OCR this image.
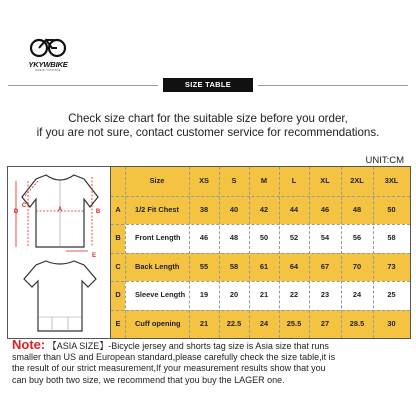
YKYWBIKE
RIDE BY YOUR BIKE
SIZE TABLE
Check size chart for the suitable size before you order,
if you are not sure, contact customer service for recommendations.
UNIT:CM
C
D	A	B
E
Size	XS	S	M	L	XL	2XL	3XL
A	1/2 Fit Chest	38	40	42	44	46	48	50
B	Front Length	46	48	50	52	54	56	58
C	Back Length	55	58	61	64	67	70	73
D	Sleeve Length	19	20	21	22	23	24	25
E	Cuff opening	21	22.5	24	25.5	27	28.5	30
Note: 【ASIA SIZE】-Bicycle jersey and shorts tag size is Asia size that runs
smaller than US and European standard,please carefully check the size table,it is
the result of our strict measurement,If your measurement results show that you
can buy both two size, we recommend that you buy the LAGER one.
